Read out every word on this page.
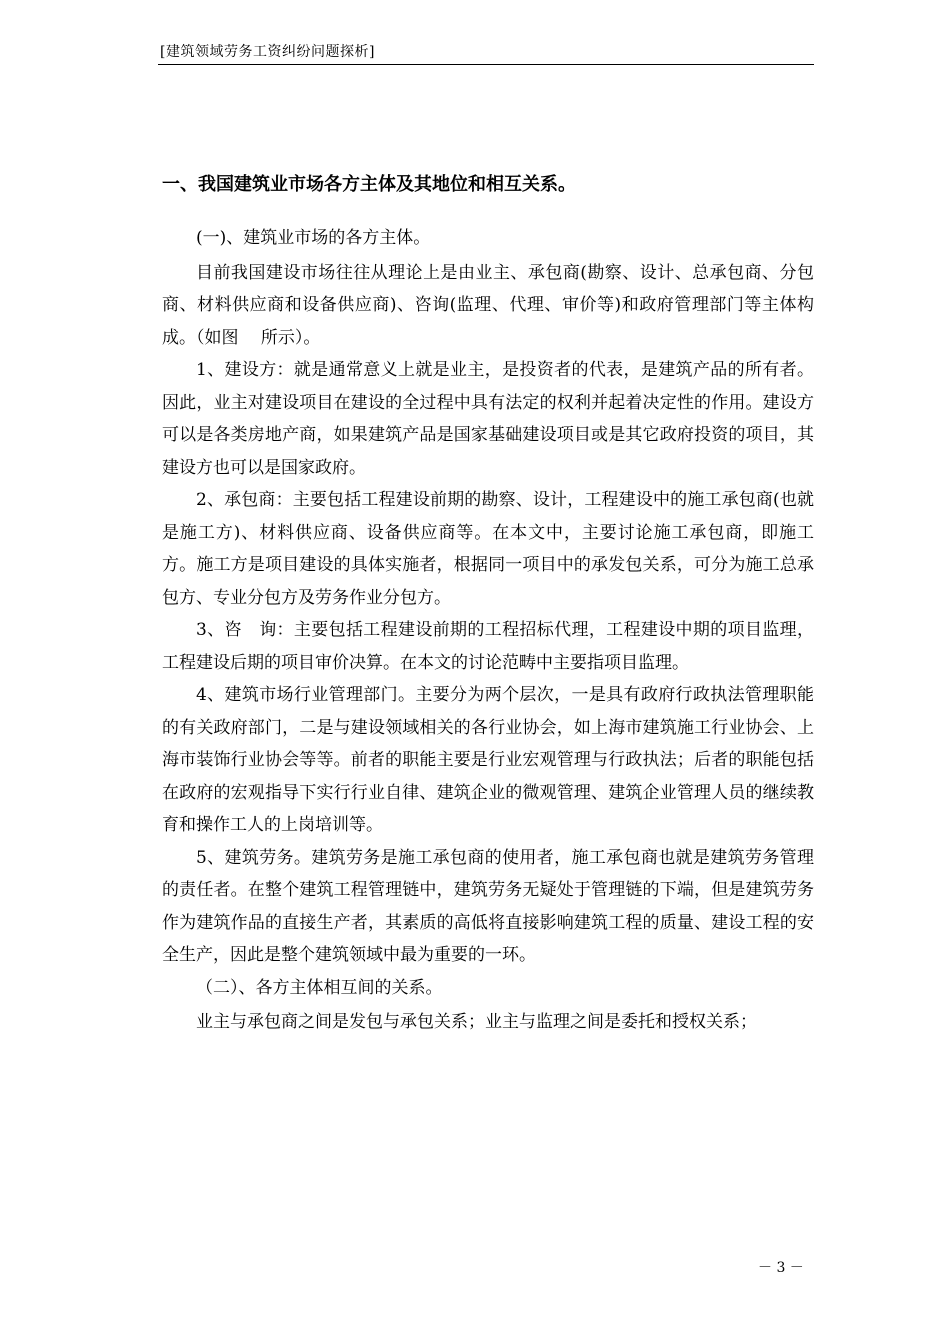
[建筑领域劳务工资纠纷问题探析]
一、我国建筑业市场各方主体及其地位和相互关系。

(一)、建筑业市场的各方主体。

目前我国建设市场往往从理论上是由业主、承包商(勘察、设计、总承包商、分包商、材料供应商和设备供应商)、咨询(监理、代理、审价等)和政府管理部门等主体构成。（如图　 所示）。

1、建设方：就是通常意义上就是业主，是投资者的代表，是建筑产品的所有者。因此，业主对建设项目在建设的全过程中具有法定的权利并起着决定性的作用。建设方可以是各类房地产商，如果建筑产品是国家基础建设项目或是其它政府投资的项目，其建设方也可以是国家政府。

2、承包商：主要包括工程建设前期的勘察、设计，工程建设中的施工承包商(也就是施工方)、材料供应商、设备供应商等。在本文中，主要讨论施工承包商，即施工方。施工方是项目建设的具体实施者，根据同一项目中的承发包关系，可分为施工总承包方、专业分包方及劳务作业分包方。

3、咨　询：主要包括工程建设前期的工程招标代理，工程建设中期的项目监理，工程建设后期的项目审价决算。在本文的讨论范畴中主要指项目监理。

4、建筑市场行业管理部门。主要分为两个层次，一是具有政府行政执法管理职能的有关政府部门，二是与建设领域相关的各行业协会，如上海市建筑施工行业协会、上海市装饰行业协会等等。前者的职能主要是行业宏观管理与行政执法；后者的职能包括在政府的宏观指导下实行行业自律、建筑企业的微观管理、建筑企业管理人员的继续教育和操作工人的上岗培训等。

5、建筑劳务。建筑劳务是施工承包商的使用者，施工承包商也就是建筑劳务管理的责任者。在整个建筑工程管理链中，建筑劳务无疑处于管理链的下端，但是建筑劳务作为建筑作品的直接生产者，其素质的高低将直接影响建筑工程的质量、建设工程的安全生产，因此是整个建筑领域中最为重要的一环。

（二）、各方主体相互间的关系。

业主与承包商之间是发包与承包关系；业主与监理之间是委托和授权关系；

－ 3 －
